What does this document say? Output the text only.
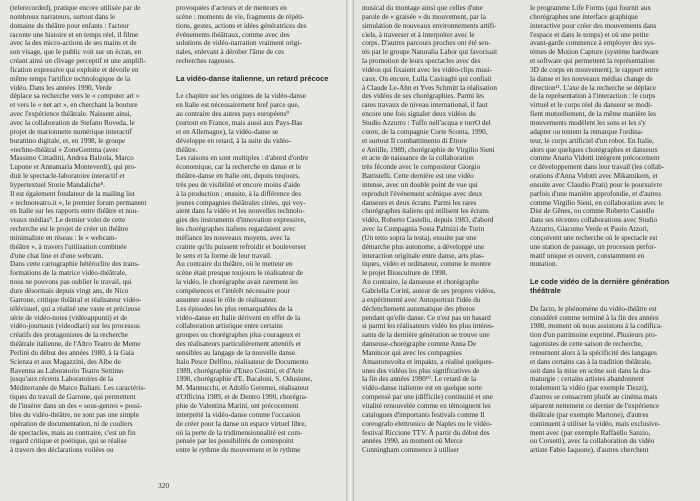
(telerecorded), pratique encore utilisée par de
nombreux narrateurs, surtout dans le
domaine du théâtre pour enfants : l'acteur
raconte une histoire et en temps réel, il filme
avec la des micro-actions de ses mains et de
son visage, que le public voit sur un écran, en
créant ainsi un clivage perceptif et une amplifi-
fication expressive qui exploite et dévoile en
même temps l'artifice technologique de la
vidéo. Dans les années 1990, Verde
déplace sa recherche vers le « computer art »
et vers le « net art », en cherchant la bouture
avec l'expérience théâtrale. Naissent ainsi,
avec la collaboration de Stefano Roveda, le
projet de marionnette numérique interactif
burattino digitale, et, en 1998, le groupe
«techno-théâtral » ZoneGemma (avec
Massimo Cittadini, Andrea Balzola, Marco
Lupone et Annamaria Monteverdi), qui pro-
duit le spectacle-laboratoire interactif et
hypertextuel Storie Mandaliche⁸.
Il est également fondateur de la mailing list
« technoteatro.it », le premier forum permanent
en Italie sur les rapports entre théâtre et nou-
veaux médias⁹. Le dernier volet de cette
recherche est le projet de créer un théâtre
minimaliste en réseau : le « webcam-
théâtre », à travers l'utilisation combinée
d'une chat line et d'une webcam.
Dans cette cartographie hétéroclite des trans-
formations de la matrice vidéo-théâtrale,
nous ne pouvons pas oublier le travail, qui
dure désormais depuis vingt ans, de Nico
Garrone, critique théâtral et réalisateur vidéo-
télévisuel, qui a réalisé une vaste et précieuse
série de vidéo-notes (vidéoappunti) et de
vidéo-journaux (videodiari) sur les processus
créatifs des protagonistes de la recherche
théâtrale italienne, de l'Altro Teatro de Meme
Perlini du début des années 1980, à la Gaia
Scienza et aux Magazzini, des Albe de
Ravenna au Laboratorio Teatro Settimo
jusqu'aux récents Laboratoires de la
Méditerranée de Marco Baliani. Les caractéris-
tiques du travail de Garrone, qui permettent
de l'insérer dans un des « sous-genres » possi-
bles du vidéo-théâtre, ne sont pas une simple
opération de documentation, ni de couliers
de spectacles, mais au contraire, c'est un fin
regard critique et poétique, qui se réalise
à travers des déclarations voilées ou
provoquées d'acteurs et de metteurs en
scène : moments de vie, fragments de répéti-
tions, gestes, actions et idées génératrices des
événements théâtraux, comme avec des
solutions de vidéo-narration vraiment origi-
nales, enlevant à dérober l'âme de ces
recherches rageuses.

La vidéo-danse italienne, un retard précoce

Le chapitre sur les origines de la vidéo-danse
en Italie est nécessairement bref parce que,
au contraire des autres pays européens⁰
(surtout en France, mais aussi aux Pays-Bas
et en Allemagne), la vidéo-danse se
développe en retard, à la suite du vidéo-
théâtre.
Les raisons en sont multiples : d'abord d'ordre
économique, car la recherche en danse et le
théâtre-danse en Italie ont, depuis toujours,
très peu de visibilité et encore moins d'aide
à la production ; ensuite, à la différence des
jeunes compagnies théâtrales citées, qui voy-
aient dans la vidéo et les nouvelles technolo-
gies des instruments d'innovation expressive,
les chorégraphes italiens regardaient avec
méfiance les nouveaux moyens, avec la
crainte qu'ils puissent refroidir et bouleverser
le sens et la forme de leur travail.
Au contraire du théâtre, où le metteur en
scène était presque toujours le réalisateur de
la vidéo, le chorégraphe avait rarement les
compétences et l'intérêt nécessaire pour
assumer aussi le rôle de réalisateur.
Les épisodes les plus remarquables de la
vidéo-danse en Italie dérivent en effet de la
collaboration artistique entre certains
groupes ou chorégraphes plus courageux et
des réalisateurs particulièrement attentifs et
sensibles au langage de la nouvelle danse.
Italo Pesce Delfino, réalisateur de Documento
1989, chorégraphie d'Enzo Cosimi, et d'Arie
1990, chorégraphie d'E. Bacaloni, S. Odusiune,
M. Mannucchi, et Adolfo Geremei, réalisateur
d'Officina 1989, et de Dentro 1990, chorégra-
phie de Valentina Marini, ont précocement
interprété la vidéo-danse comme l'occasion
de créer pour la danse un espace virtuel libre,
où la perte de la tridimensionnalité est com-
pensée par les possibilités de contrepoint
entre le rythme du mouvement et le rythme
musical du montage ainsi que celles d'une
parole de « graisée » du mouvement, par la
simulation de nouveaux environnements artifi-
ciels, à traverser et à interpréter avec le
corps. D'autres parcours proches ont été sen-
tés par le groupe Naturalia Labor qui favorisait
la promotion de leurs spectacles avec des
vidéos qui fixaient avec les vidéo-clips musi-
caux. On encore, Lulla Casiraghi qui confiait
à Claude Le-Ahn et Yves Schmitt la réalisation
des vidéos de ses chorégraphies. Parmi les
rares travaux de niveau international, il faut
encore une fois signaler deux vidéos du
Studio Azzurro : Tuffo nell'acqua e torrO del
cuore, de la compagnie Corte Sconta, 1990,
et surtout Il combattimento di Ettore
e Aniille, 1989, chorégraphie de Virgilio Sieni
et acte de naissance de la collaboration
très féconde avec le compositeur Giorgio
Battistelli. Cette dernière est une vidéo
intense, avec un double point de vue qui
reproduit l'événement scénique avec deux
danseurs et deux écrans. Parmi les rares
chorégraphes italiens qui utilisent les écrans
vidéo, Roberto Castello, depuis 1983, d'abord
avec la Compagnia Sosta Palmizi de Turin
(Un tetto sopra la testa), ensuite par une
démarche plus autonome, a développé une
interaction originale entre danse, arts plas-
tiques, vidéo et ordinateur, comme le montre
le projet Biosculture de 1998.
Au contraire, la danseuse et chorégraphe
Gabriella Corini, auteur de ses propres vidéos,
a expérimenté avec Autoportrait l'idée du
déclenchement automatique des photos
pendant qu'elle danse. Ce n'est pas un hasard
si parmi les réalisateurs vidéo les plus intéres-
sants de la dernière génération se trouve une
danseuse-chorégraphe comme Anna De
Manincor qui avec les compagnies
Amastonsvolta et impakts, a réalisé quelques-
unes des vidéos les plus significatives de
la fin des années 1990¹⁰. Le retard de la
vidéo-danse italienne est en quelque sorte
compensé par une (difficile) continuité et une
vitalité renouvelée comme en témoignent les
catalogues d'importants festivals comme Il
coreografo elettronico de Naples ou le vidéo-
festival Riccione TTV. À partir du début des
années 1990, au moment où Merce
Cunningham commence à utiliser
le programme Life Forms (qui fournit aux
chorégraphes une interface graphique
interactive pour créer des mouvements dans
l'espace et dans le temps) et où une petite
avant-garde commence à employer des sys-
tèmes de Motion Capture (système hardware
et software qui permettent la représentation
3D de corps en mouvement), le rapport entre
la danse et les nouveaux médias change de
direction¹¹. L'axe de la recherche se déplace
de la représentation à l'interaction : le corps
virtuel et le corps réel du danseur se modi-
fient mutuellement, de la même manière les
mouvements modèlent les sons et les s'y
adapter ou tentent la remarque l'ordina-
teur, le corps artificiel d'un robot. En Italie,
alors que quelques chorégraphes et danseurs
comme Anaria Vidotti intègrent précocement
ce développement dans leur travail (les collab-
orations d'Anna Vidotti avec Mikamikem, et
ensuite avec Claudio Prati) pour le poursuivre
parfois d'une manière approfondie, et d'autres
comme Virgilio Sieni, en collaboration avec le
Dist de Gênes, ou comme Roberto Castello
dans ses récentes collaborations avec Studio
Azzurro, Giacomo Verde et Paolo Atzori,
conçoivent une recherche où le spectacle est
une station de passage, un processus perfor-
matif unique et ouvert, constamment en
mutation.

Le code vidéo de la dernière génération
théâtrale

De facto, le phénomène du vidéo-théâtre est
considéré comme terminé à la fin des années
1980, moment où nous assistons à la codifica-
tion d'un patrimoine exprimé. Plusieurs pro-
tagonistes de cette saison de recherche,
retournent alors à la spécificité des langages
et dans certains cas à la tradition théâtrale,
soit dans la mise en scène soit dans la dra-
maturgie : certains artistes abandonnent
totalement la vidéo (par exemple Tiezzi),
d'autres se consacrent plutôt au cinéma mais
séparent nettement ce dernier de l'expérience
théâtrale (par exemple Martone), d'autres
continuent à utiliser la vidéo, mais exclusive-
ment avec (par exemple Raffaello Sanzio,
ou Corsetti), avec la collaboration du vidéo
artiste Fabio Iaquone), d'autres cherchent
320
